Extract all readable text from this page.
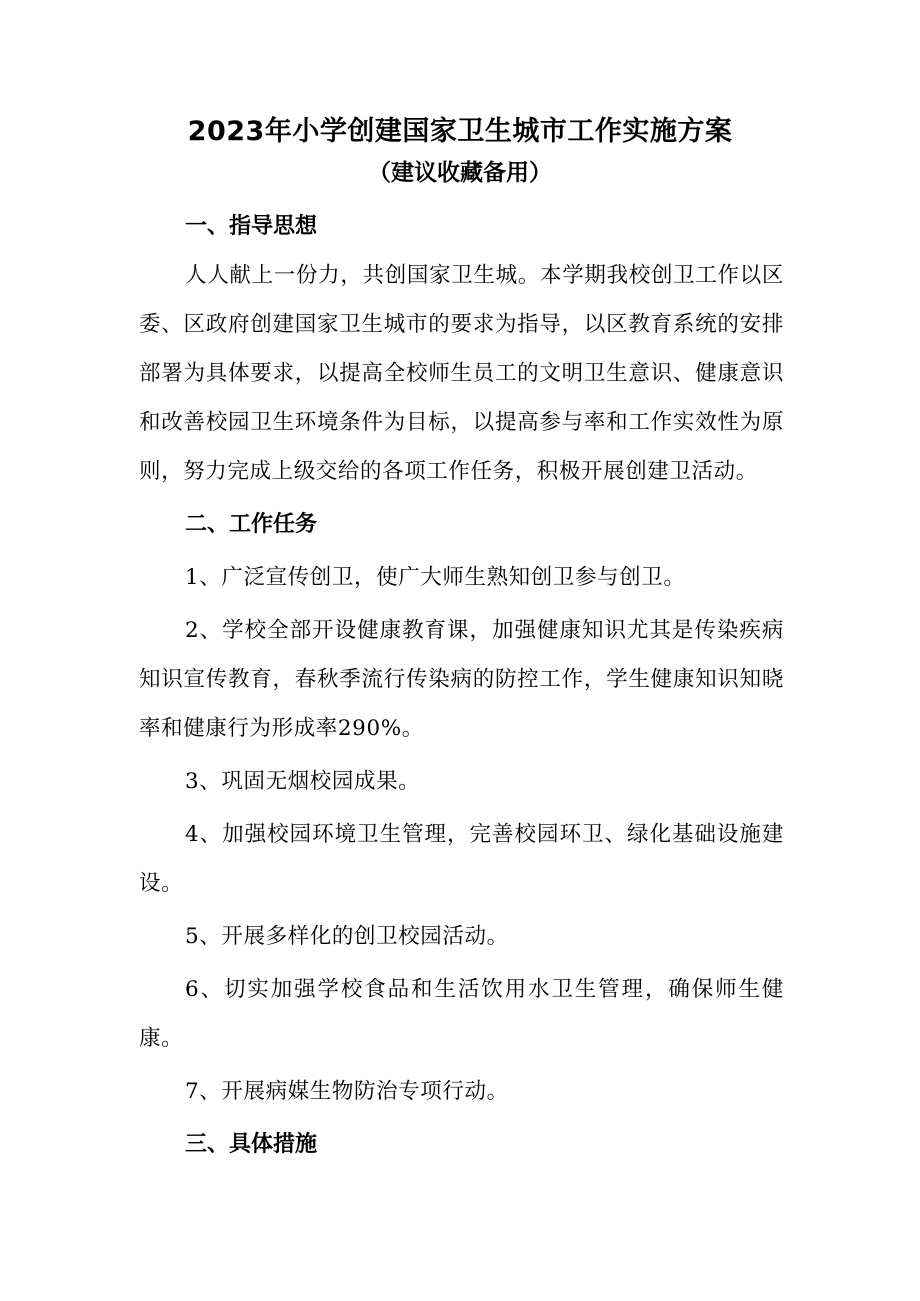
2023年小学创建国家卫生城市工作实施方案
（建议收藏备用）

一、指导思想

人人献上一份力，共创国家卫生城。本学期我校创卫工作以区委、区政府创建国家卫生城市的要求为指导，以区教育系统的安排部署为具体要求，以提高全校师生员工的文明卫生意识、健康意识和改善校园卫生环境条件为目标，以提高参与率和工作实效性为原则，努力完成上级交给的各项工作任务，积极开展创建卫活动。

二、工作任务

1、广泛宣传创卫，使广大师生熟知创卫参与创卫。

2、学校全部开设健康教育课，加强健康知识尤其是传染疾病知识宣传教育，春秋季流行传染病的防控工作，学生健康知识知晓率和健康行为形成率290%。

3、巩固无烟校园成果。

4、加强校园环境卫生管理，完善校园环卫、绿化基础设施建设。

5、开展多样化的创卫校园活动。

6、切实加强学校食品和生活饮用水卫生管理，确保师生健康。

7、开展病媒生物防治专项行动。

三、具体措施
